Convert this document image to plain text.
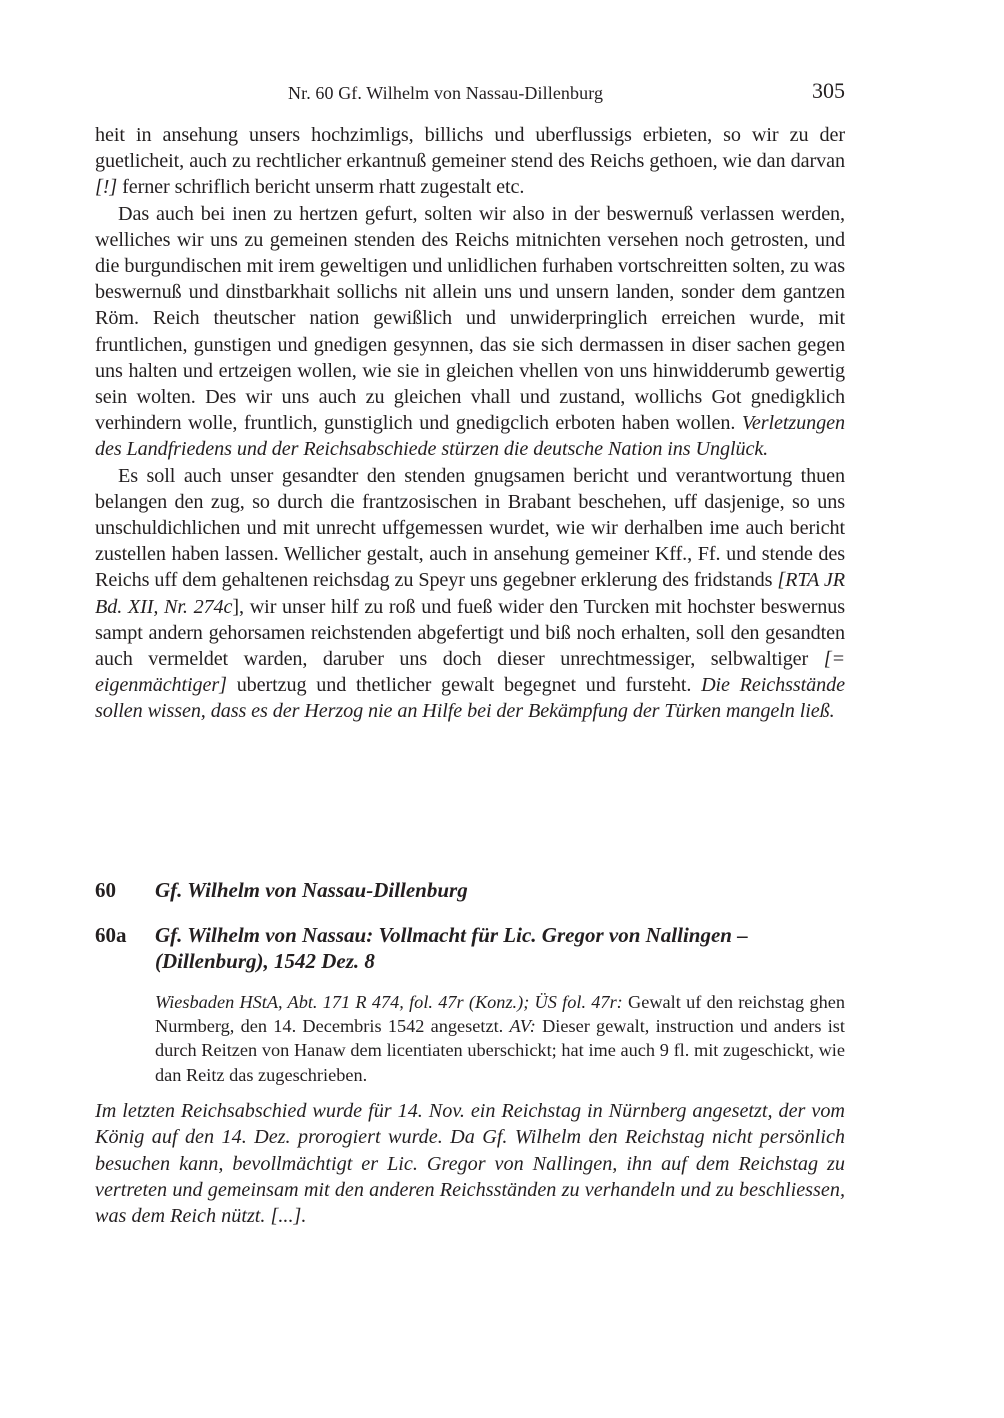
Nr. 60 Gf. Wilhelm von Nassau-Dillenburg	305

heit in ansehung unsers hochzimligs, billichs und uberflussigs erbieten, so wir zu der guetlicheit, auch zu rechtlicher erkantnuß gemeiner stend des Reichs gethoen, wie dan darvan [!] ferner schriflich bericht unserm rhatt zugestalt etc.

Das auch bei inen zu hertzen gefurt, solten wir also in der beswernuß verlassen werden, welliches wir uns zu gemeinen stenden des Reichs mitnichten versehen noch getrosten, und die burgundischen mit irem geweltigen und unlidlichen furhaben vortschreitten solten, zu was beswernuß und dinstbarkhait sollichs nit allein uns und unsern landen, sonder dem gantzen Röm. Reich theutscher nation gewißlich und unwiderpringlich erreichen wurde, mit fruntlichen, gunstigen und gnedigen gesynnen, das sie sich dermassen in diser sachen gegen uns halten und ertzeigen wollen, wie sie in gleichen vhellen von uns hinwidderumb gewertig sein wolten. Des wir uns auch zu gleichen vhall und zustand, wollichs Got gnedigklich verhindern wolle, fruntlich, gunstiglich und gnedigclich erboten haben wollen. Verletzungen des Landfriedens und der Reichsabschiede stürzen die deutsche Nation ins Unglück.

Es soll auch unser gesandter den stenden gnugsamen bericht und verantwortung thuen belangen den zug, so durch die frantzosischen in Brabant beschehen, uff dasjenige, so uns unschuldichlichen und mit unrecht uffgemessen wurdet, wie wir derhalben ime auch bericht zustellen haben lassen. Wellicher gestalt, auch in ansehung gemeiner Kff., Ff. und stende des Reichs uff dem gehaltenen reichsdag zu Speyr uns gegebner erklerung des fridstands [RTA JR Bd. XII, Nr. 274c], wir unser hilf zu roß und fueß wider den Turcken mit hochster beswernus sampt andern gehorsamen reichstenden abgefertigt und biß noch erhalten, soll den gesandten auch vermeldet warden, daruber uns doch dieser unrechtmessiger, selbwaltiger [= eigenmächtiger] ubertzug und thetlicher gewalt begegnet und fursteht. Die Reichsstände sollen wissen, dass es der Herzog nie an Hilfe bei der Bekämpfung der Türken mangeln ließ.

60 Gf. Wilhelm von Nassau-Dillenburg
60a Gf. Wilhelm von Nassau: Vollmacht für Lic. Gregor von Nallingen – (Dillenburg), 1542 Dez. 8
Wiesbaden HStA, Abt. 171 R 474, fol. 47r (Konz.); ÜS fol. 47r: Gewalt uf den reichstag ghen Nurmberg, den 14. Decembris 1542 angesetzt. AV: Dieser gewalt, instruction und anders ist durch Reitzen von Hanaw dem licentiaten uberschickt; hat ime auch 9 fl. mit zugeschickt, wie dan Reitz das zugeschrieben.
Im letzten Reichsabschied wurde für 14. Nov. ein Reichstag in Nürnberg angesetzt, der vom König auf den 14. Dez. prorogiert wurde. Da Gf. Wilhelm den Reichstag nicht persönlich besuchen kann, bevollmächtigt er Lic. Gregor von Nallingen, ihn auf dem Reichstag zu vertreten und gemeinsam mit den anderen Reichsständen zu verhandeln und zu beschliessen, was dem Reich nützt. [...].
